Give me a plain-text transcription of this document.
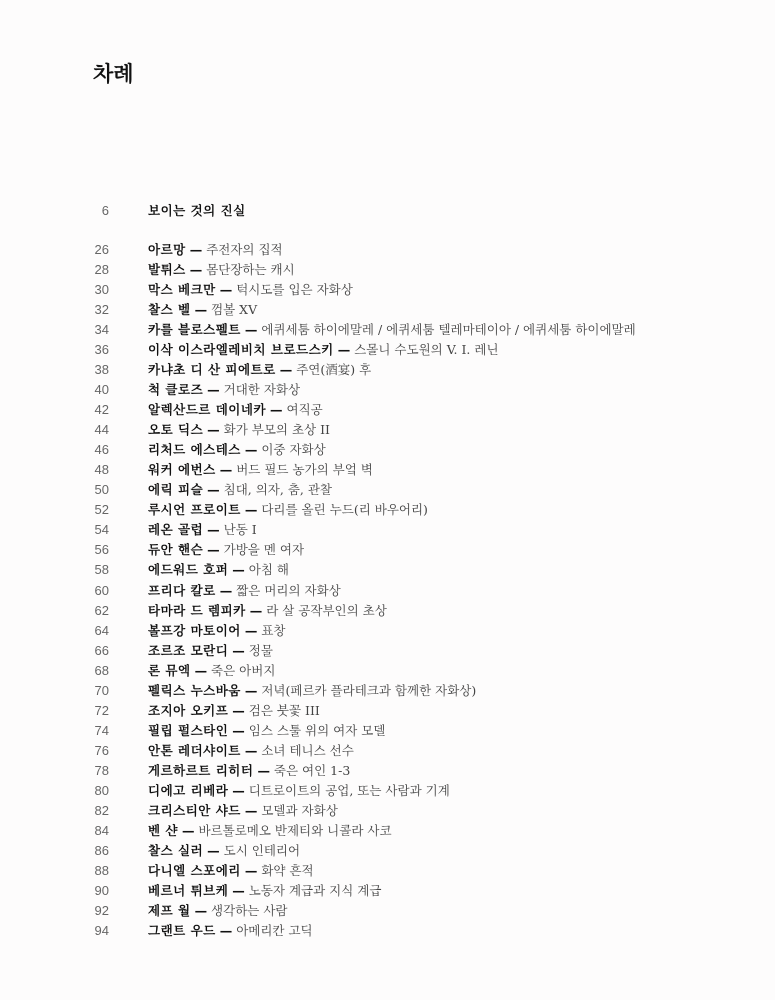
차례
6	보이는 것의 진실
26	아르망 — 주전자의 집적
28	발튀스 — 몸단장하는 캐시
30	막스 베크만 — 턱시도를 입은 자화상
32	찰스 벨 — 껌볼 XV
34	카를 블로스펠트 — 에퀴세툼 하이에말레 / 에퀴세툼 텔레마테이아 / 에퀴세툼 하이에말레
36	이삭 이스라엘레비치 브로드스키 — 스몰니 수도원의 V. I. 레닌
38	카냐초 디 산 피에트로 — 주연(酒宴) 후
40	척 클로즈 — 거대한 자화상
42	알렉산드르 데이네카 — 여직공
44	오토 딕스 — 화가 부모의 초상 II
46	리처드 에스테스 — 이중 자화상
48	워커 에번스 — 버드 필드 농가의 부엌 벽
50	에릭 피슬 — 침대, 의자, 춤, 관찰
52	루시언 프로이트 — 다리를 올린 누드(리 바우어리)
54	레온 골럽 — 난동 I
56	듀안 핸슨 — 가방을 멘 여자
58	에드워드 호퍼 — 아침 해
60	프리다 칼로 — 짧은 머리의 자화상
62	타마라 드 렘피카 — 라 살 공작부인의 초상
64	볼프강 마토이어 — 표창
66	조르조 모란디 — 정물
68	론 뮤엑 — 죽은 아버지
70	펠릭스 누스바움 — 저녁(페르카 플라테크과 함께한 자화상)
72	조지아 오키프 — 검은 붓꽃 III
74	필립 펄스타인 — 임스 스툴 위의 여자 모델
76	안톤 레더샤이트 — 소녀 테니스 선수
78	게르하르트 리히터 — 죽은 여인 1-3
80	디에고 리베라 — 디트로이트의 공업, 또는 사람과 기계
82	크리스티안 샤드 — 모델과 자화상
84	벤 샨 — 바르톨로메오 반제티와 니콜라 사코
86	찰스 실러 — 도시 인테리어
88	다니엘 스포에리 — 화약 흔적
90	베르너 튀브케 — 노동자 계급과 지식 계급
92	제프 월 — 생각하는 사람
94	그랜트 우드 — 아메리칸 고딕
